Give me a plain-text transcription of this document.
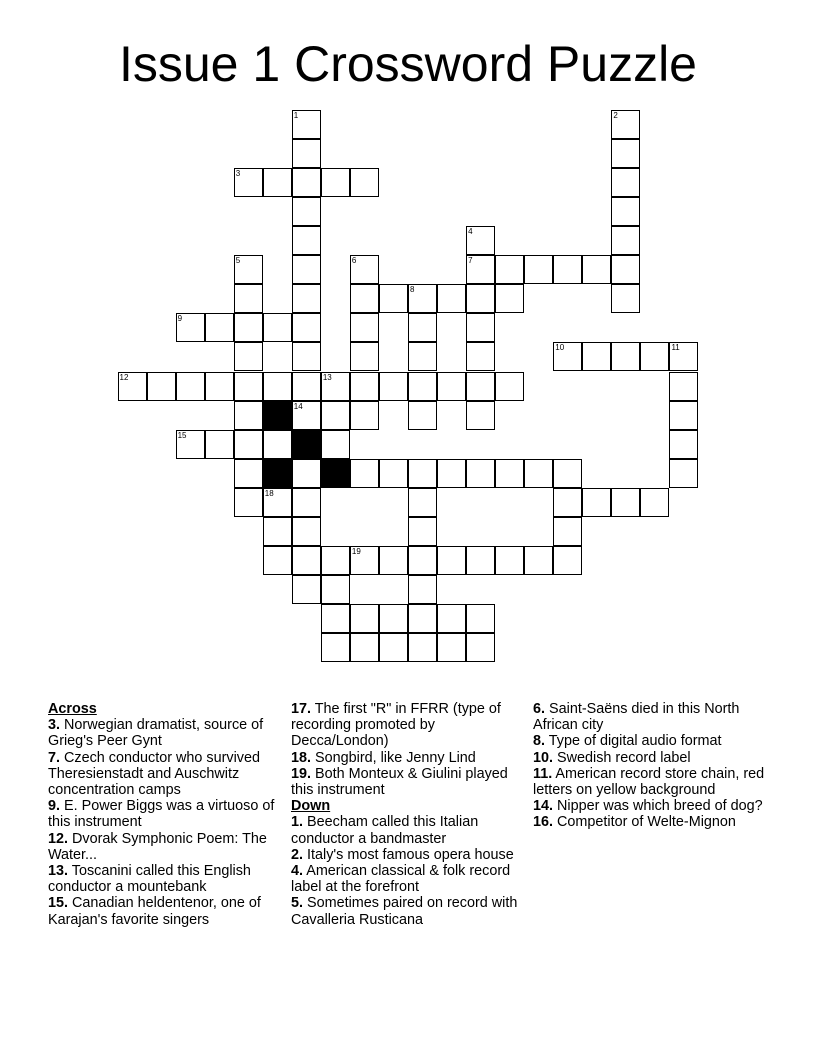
Issue 1 Crossword Puzzle
1
14
2
3
4
7
5	6
8
9
10	11
12	13
15
18
19
Across
3. Norwegian dramatist, source of Grieg's Peer Gynt
7. Czech conductor who survived Theresienstadt and Auschwitz concentration camps
9. E. Power Biggs was a virtuoso of this instrument
12. Dvorak Symphonic Poem: The Water...
13. Toscanini called this English conductor a mountebank
15. Canadian heldentenor, one of Karajan's favorite singers
17. The first "R" in FFRR (type of recording promoted by Decca/London)
18. Songbird, like Jenny Lind
19. Both Monteux & Giulini played this instrument
Down
1. Beecham called this Italian conductor a bandmaster
2. Italy's most famous opera house
4. American classical & folk record label at the forefront
5. Sometimes paired on record with Cavalleria Rusticana
6. Saint-Saëns died in this North African city
8. Type of digital audio format
10. Swedish record label
11. American record store chain, red letters on yellow background
14. Nipper was which breed of dog?
16. Competitor of Welte-Mignon
